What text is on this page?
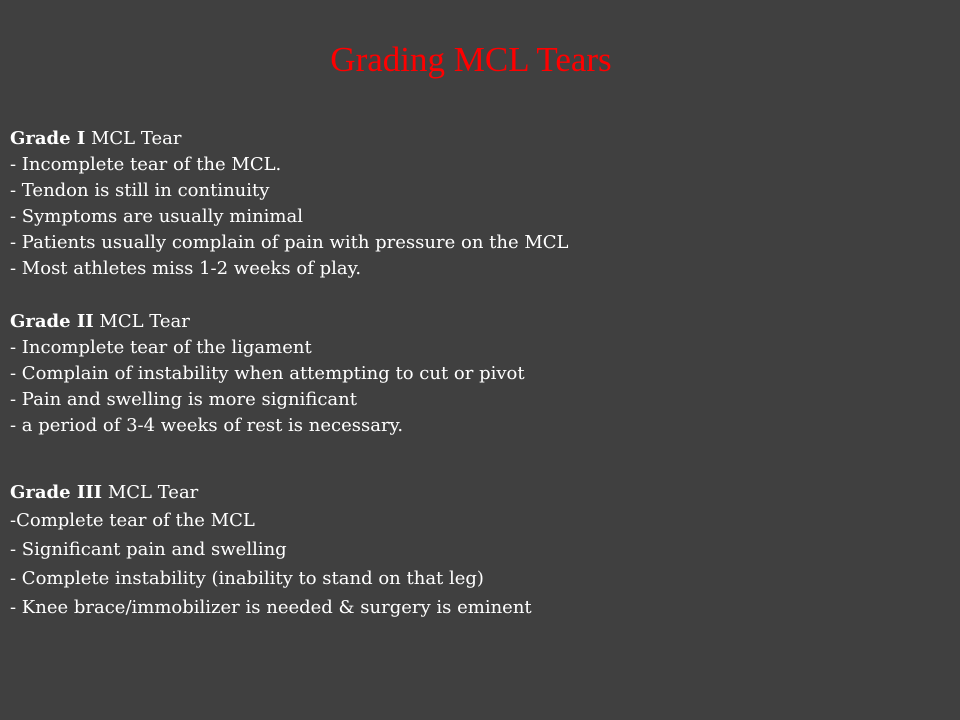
Grading MCL Tears
Grade I MCL Tear
- Incomplete tear of the MCL.
- Tendon is still in continuity
- Symptoms are usually minimal
- Patients usually complain of pain with pressure on the MCL
- Most athletes miss 1-2 weeks of play.
Grade II MCL Tear
- Incomplete tear of the ligament
- Complain of instability when attempting to cut or pivot
- Pain and swelling is more significant
- a period of 3-4 weeks of rest is necessary.
Grade III MCL Tear
-Complete tear of the MCL
- Significant pain and swelling
- Complete instability (inability to stand on that leg)
- Knee brace/immobilizer is needed & surgery is eminent
